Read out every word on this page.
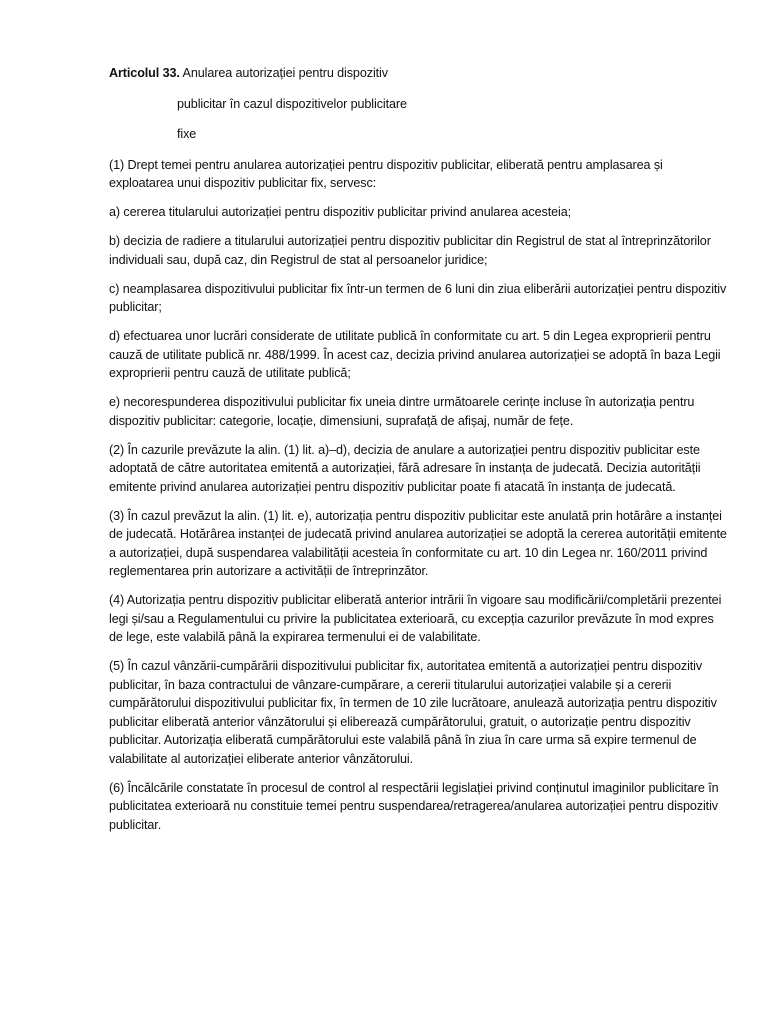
Articolul 33. Anularea autorizației pentru dispozitiv
publicitar în cazul dispozitivelor publicitare
fixe

(1) Drept temei pentru anularea autorizației pentru dispozitiv publicitar, eliberată pentru amplasarea și exploatarea unui dispozitiv publicitar fix, servesc:

a) cererea titularului autorizației pentru dispozitiv publicitar privind anularea acesteia;

b) decizia de radiere a titularului autorizației pentru dispozitiv publicitar din Registrul de stat al întreprinzătorilor individuali sau, după caz, din Registrul de stat al persoanelor juridice;

c) neamplasarea dispozitivului publicitar fix într-un termen de 6 luni din ziua eliberării autorizației pentru dispozitiv publicitar;

d) efectuarea unor lucrări considerate de utilitate publică în conformitate cu art. 5 din Legea exproprierii pentru cauză de utilitate publică nr. 488/1999. În acest caz, decizia privind anularea autorizației se adoptă în baza Legii exproprierii pentru cauză de utilitate publică;

e) necorespunderea dispozitivului publicitar fix uneia dintre următoarele cerințe incluse în autorizația pentru dispozitiv publicitar: categorie, locație, dimensiuni, suprafață de afișaj, număr de fețe.

(2) În cazurile prevăzute la alin. (1) lit. a)–d), decizia de anulare a autorizației pentru dispozitiv publicitar este adoptată de către autoritatea emitentă a autorizației, fără adresare în instanța de judecată. Decizia autorității emitente privind anularea autorizației pentru dispozitiv publicitar poate fi atacată în instanța de judecată.

(3) În cazul prevăzut la alin. (1) lit. e), autorizația pentru dispozitiv publicitar este anulată prin hotărâre a instanței de judecată. Hotărârea instanței de judecată privind anularea autorizației se adoptă la cererea autorității emitente a autorizației, după suspendarea valabilității acesteia în conformitate cu art. 10 din Legea nr. 160/2011 privind reglementarea prin autorizare a activității de întreprinzător.

(4) Autorizația pentru dispozitiv publicitar eliberată anterior intrării în vigoare sau modificării/completării prezentei legi și/sau a Regulamentului cu privire la publicitatea exterioară, cu excepția cazurilor prevăzute în mod expres de lege, este valabilă până la expirarea termenului ei de valabilitate.

(5) În cazul vânzării-cumpărării dispozitivului publicitar fix, autoritatea emitentă a autorizației pentru dispozitiv publicitar, în baza contractului de vânzare-cumpărare, a cererii titularului autorizației valabile și a cererii cumpărătorului dispozitivului publicitar fix, în termen de 10 zile lucrătoare, anulează autorizația pentru dispozitiv publicitar eliberată anterior vânzătorului și eliberează cumpărătorului, gratuit, o autorizație pentru dispozitiv publicitar. Autorizația eliberată cumpărătorului este valabilă până în ziua în care urma să expire termenul de valabilitate al autorizației eliberate anterior vânzătorului.

(6) Încălcările constatate în procesul de control al respectării legislației privind conținutul imaginilor publicitare în publicitatea exterioară nu constituie temei pentru suspendarea/retragerea/anularea autorizației pentru dispozitiv publicitar.
